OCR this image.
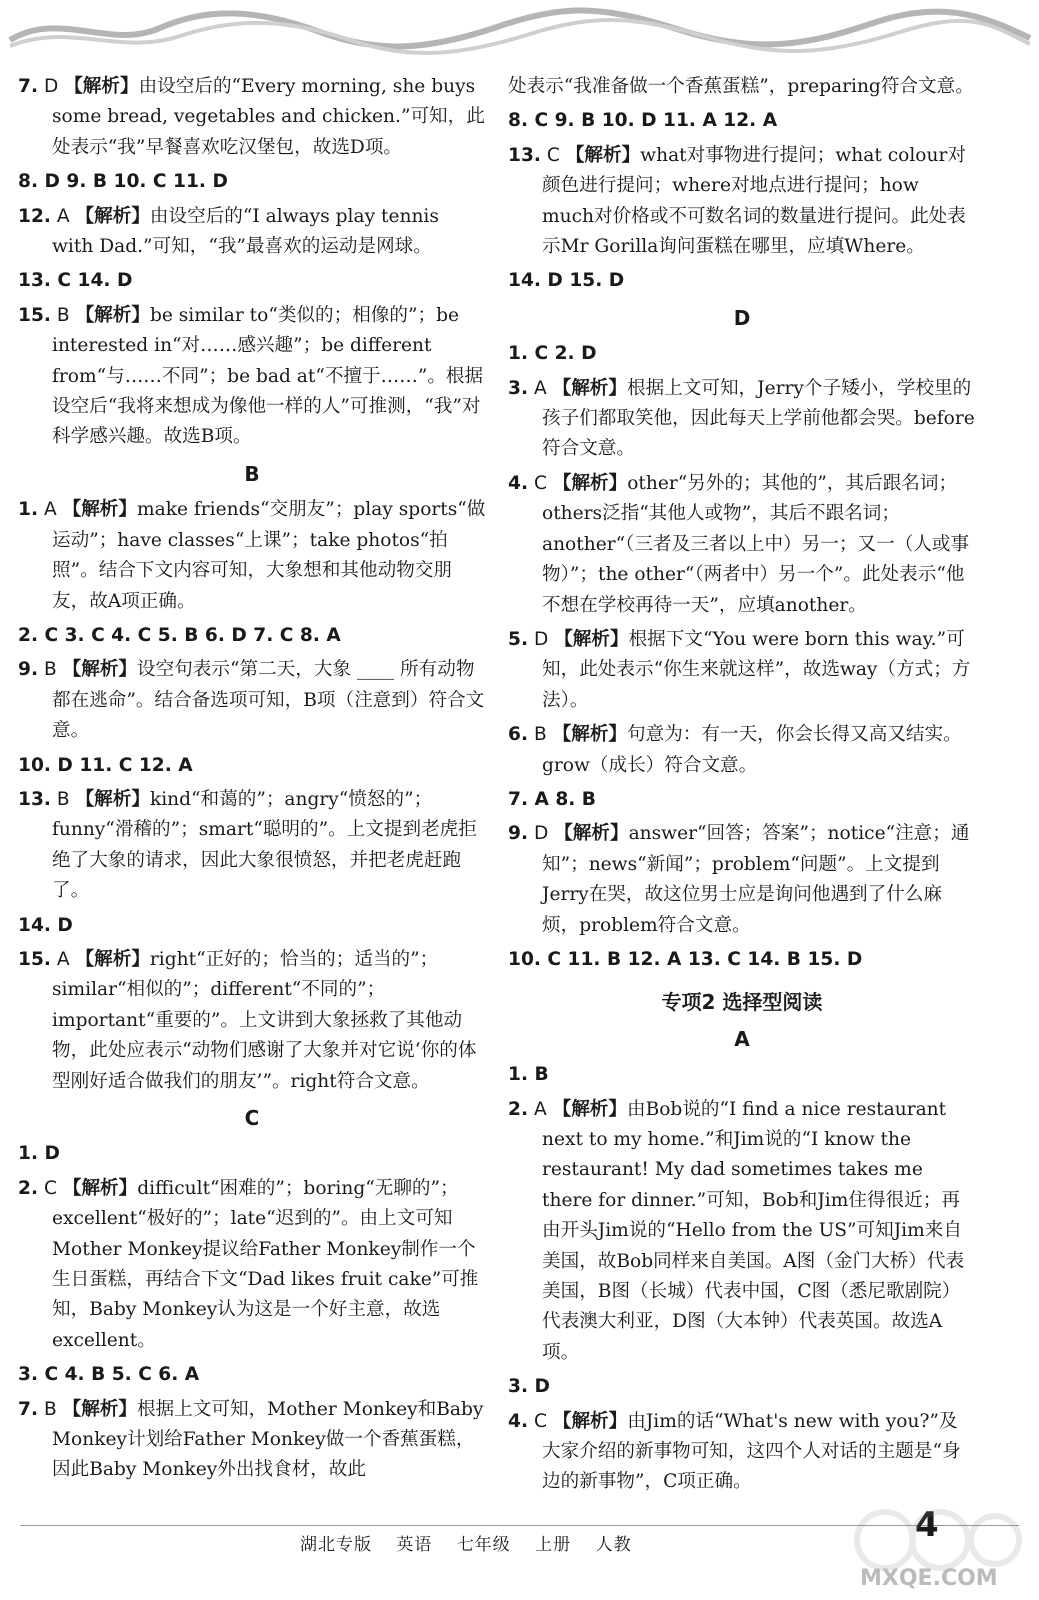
7. D 【解析】由设空后的“Every morning, she buys some bread, vegetables and chicken.”可知，此处表示“我”早餐喜欢吃汉堡包，故选D项。
8. D 9. B 10. C 11. D
12. A 【解析】由设空后的“I always play tennis with Dad.”可知，“我”最喜欢的运动是网球。
13. C 14. D
15. B 【解析】be similar to“类似的；相像的”；be interested in“对……感兴趣”；be different from“与……不同”；be bad at“不擅于……”。根据设空后“我将来想成为像他一样的人”可推测，“我”对科学感兴趣。故选B项。
B
1. A 【解析】make friends“交朋友”；play sports“做运动”；have classes“上课”；take photos“拍照”。结合下文内容可知，大象想和其他动物交朋友，故A项正确。
2. C 3. C 4. C 5. B 6. D 7. C 8. A
9. B 【解析】设空句表示“第二天，大象 ____ 所有动物都在逃命”。结合备选项可知，B项（注意到）符合文意。
10. D 11. C 12. A
13. B 【解析】kind“和蔼的”；angry“愤怒的”；funny“滑稽的”；smart“聪明的”。上文提到老虎拒绝了大象的请求，因此大象很愤怒，并把老虎赶跑了。
14. D
15. A 【解析】right“正好的；恰当的；适当的”；similar“相似的”；different“不同的”；important“重要的”。上文讲到大象拯救了其他动物，此处应表示“动物们感谢了大象并对它说‘你的体型刚好适合做我们的朋友’”。right符合文意。
C
1. D
2. C 【解析】difficult“困难的”；boring“无聊的”；excellent“极好的”；late“迟到的”。由上文可知Mother Monkey提议给Father Monkey制作一个生日蛋糕，再结合下文“Dad likes fruit cake”可推知，Baby Monkey认为这是一个好主意，故选excellent。
3. C 4. B 5. C 6. A
7. B 【解析】根据上文可知，Mother Monkey和Baby Monkey计划给Father Monkey做一个香蕉蛋糕，因此Baby Monkey外出找食材，故此
处表示“我准备做一个香蕉蛋糕”，preparing符合文意。
8. C 9. B 10. D 11. A 12. A
13. C 【解析】what对事物进行提问；what colour对颜色进行提问；where对地点进行提问；how much对价格或不可数名词的数量进行提问。此处表示Mr Gorilla询问蛋糕在哪里，应填Where。
14. D 15. D
D
1. C 2. D
3. A 【解析】根据上文可知，Jerry个子矮小，学校里的孩子们都取笑他，因此每天上学前他都会哭。before符合文意。
4. C 【解析】other“另外的；其他的”，其后跟名词；others泛指“其他人或物”，其后不跟名词；another“（三者及三者以上中）另一；又一（人或事物）”；the other“（两者中）另一个”。此处表示“他不想在学校再待一天”，应填another。
5. D 【解析】根据下文“You were born this way.”可知，此处表示“你生来就这样”，故选way（方式；方法）。
6. B 【解析】句意为：有一天，你会长得又高又结实。grow（成长）符合文意。
7. A 8. B
9. D 【解析】answer“回答；答案”；notice“注意；通知”；news“新闻”；problem“问题”。上文提到Jerry在哭，故这位男士应是询问他遇到了什么麻烦，problem符合文意。
10. C 11. B 12. A 13. C 14. B 15. D
专项2 选择型阅读
A
1. B
2. A 【解析】由Bob说的“I find a nice restaurant next to my home.”和Jim说的“I know the restaurant! My dad sometimes takes me there for dinner.”可知，Bob和Jim住得很近；再由开头Jim说的“Hello from the US”可知Jim来自美国，故Bob同样来自美国。A图（金门大桥）代表美国，B图（长城）代表中国，C图（悉尼歌剧院）代表澳大利亚，D图（大本钟）代表英国。故选A项。
3. D
4. C 【解析】由Jim的话“What's new with you?”及大家介绍的新事物可知，这四个人对话的主题是“身边的新事物”，C项正确。
湖北专版 英语 七年级 上册 人教	4
MXQE.COM
